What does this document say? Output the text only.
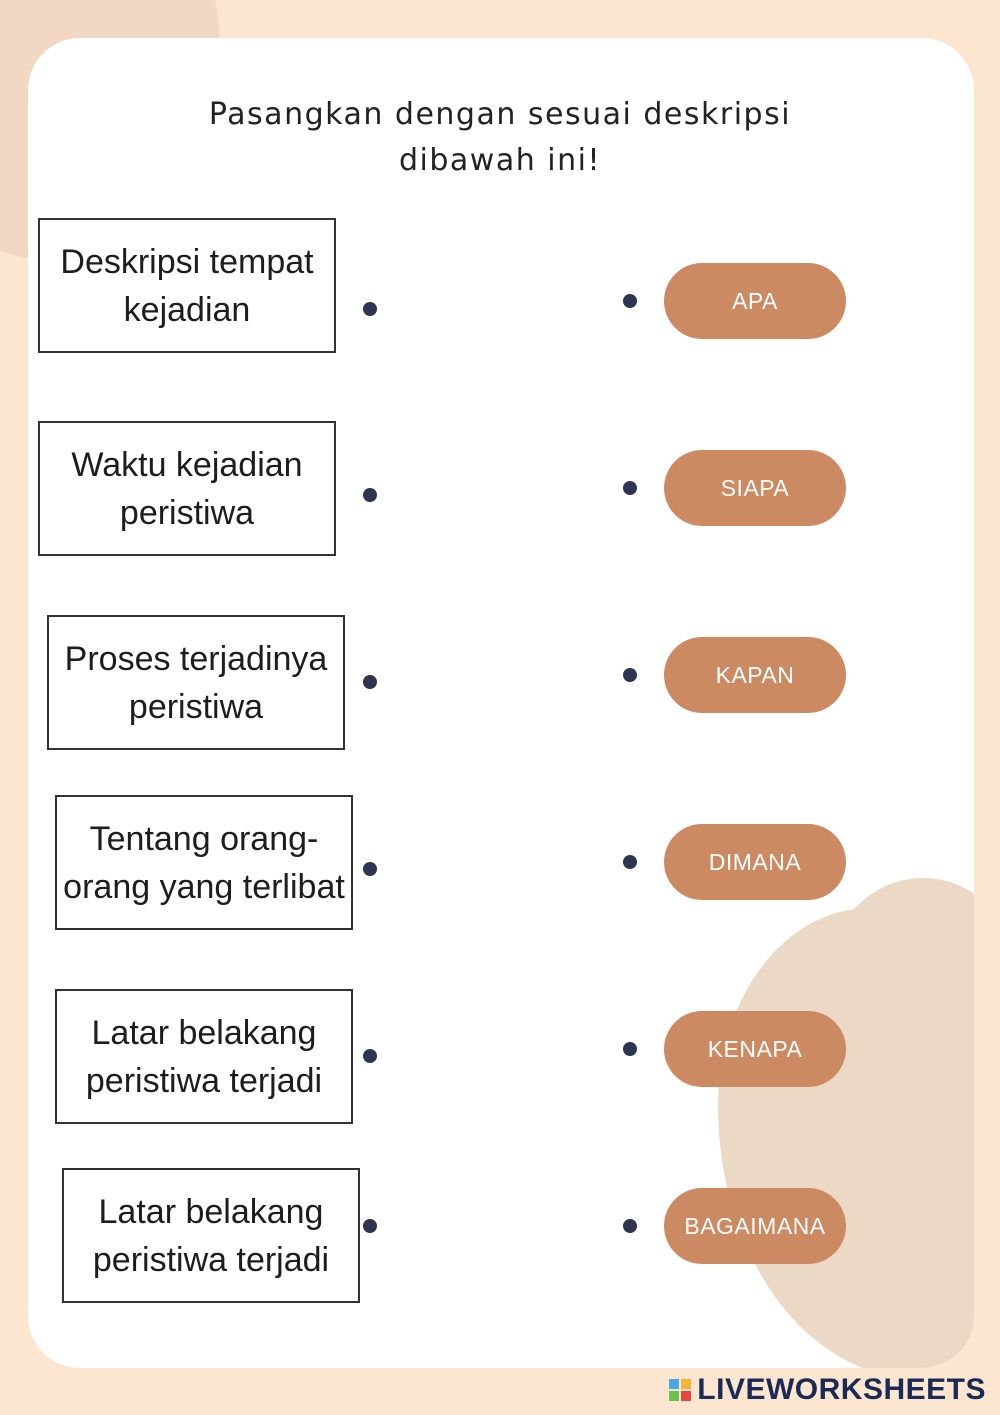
Pasangkan dengan sesuai deskripsi
dibawah ini!
Deskripsi tempat
kejadian
Waktu kejadian
peristiwa
Proses terjadinya
peristiwa
Tentang orang-
orang yang terlibat
Latar belakang
peristiwa terjadi
Latar belakang
peristiwa terjadi
APA
SIAPA
KAPAN
DIMANA
KENAPA
BAGAIMANA
LIVEWORKSHEETS
